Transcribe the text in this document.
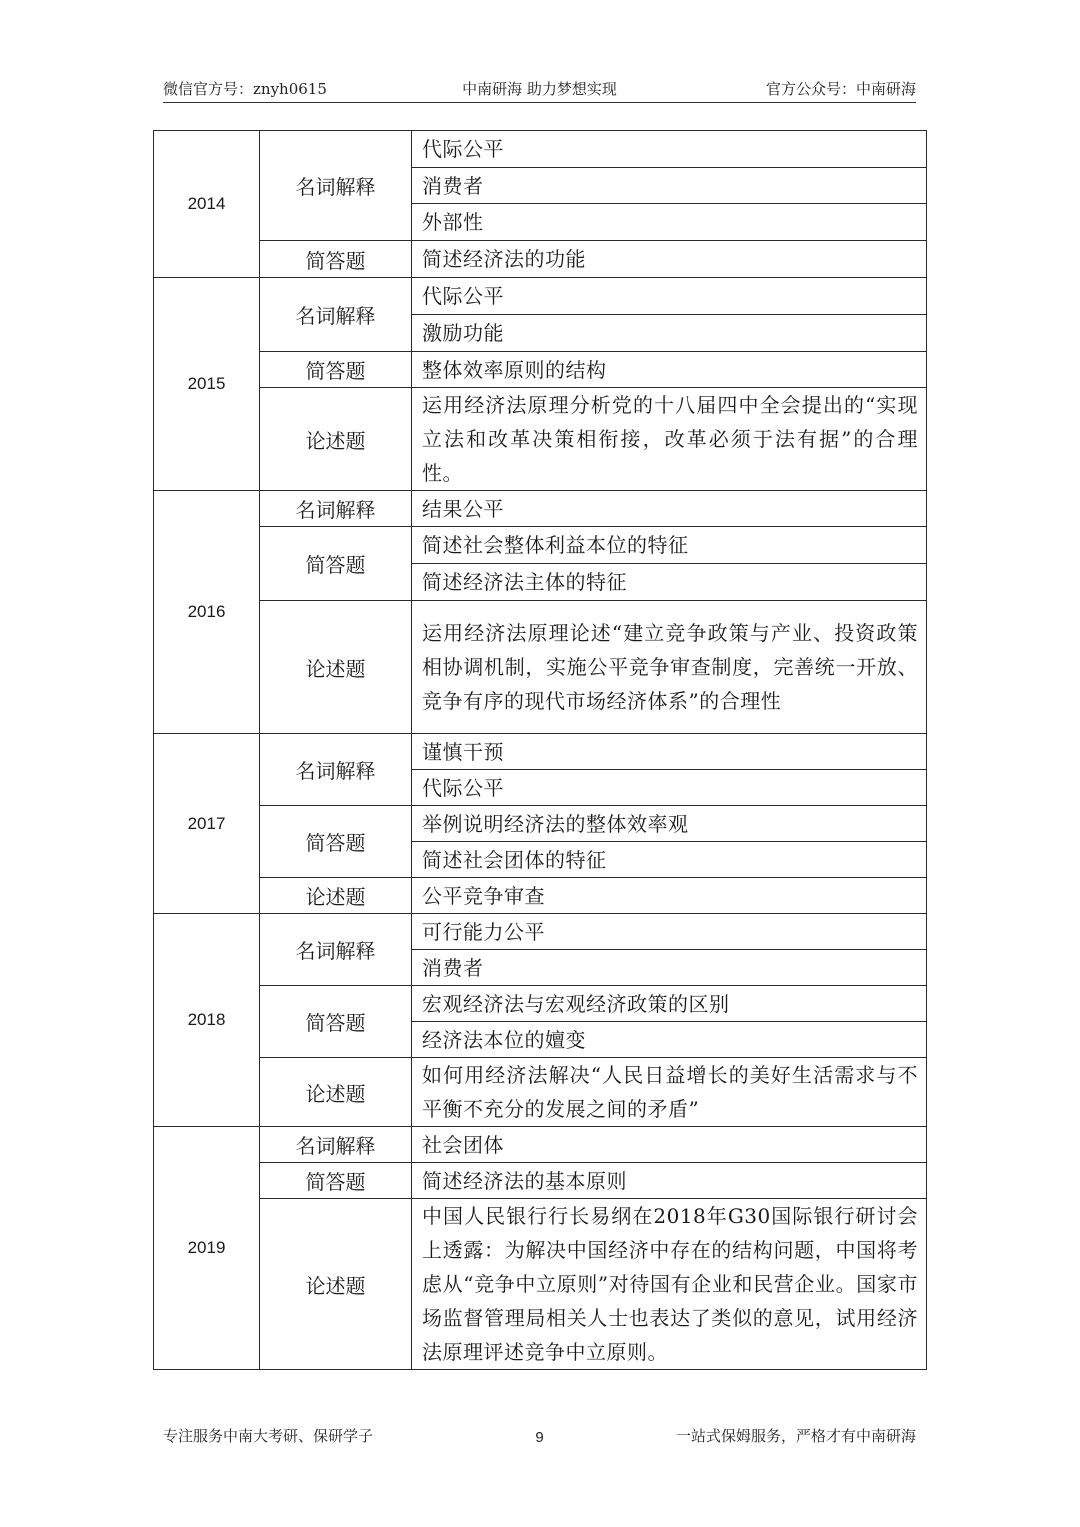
微信官方号：znyh0615	中南研海 助力梦想实现	官方公众号：中南研海
2014	名词解释	代际公平
		消费者
		外部性
	简答题	简述经济法的功能
2015	名词解释	代际公平
		激励功能
	简答题	整体效率原则的结构
	论述题	运用经济法原理分析党的十八届四中全会提出的“实现立法和改革决策相衔接，改革必须于法有据”的合理性。
2016	名词解释	结果公平
	简答题	简述社会整体利益本位的特征
		简述经济法主体的特征
	论述题	运用经济法原理论述“建立竞争政策与产业、投资政策相协调机制，实施公平竞争审查制度，完善统一开放、竞争有序的现代市场经济体系”的合理性
2017	名词解释	谨慎干预
		代际公平
	简答题	举例说明经济法的整体效率观
		简述社会团体的特征
	论述题	公平竞争审查
2018	名词解释	可行能力公平
		消费者
	简答题	宏观经济法与宏观经济政策的区别
		经济法本位的嬗变
	论述题	如何用经济法解决“人民日益增长的美好生活需求与不平衡不充分的发展之间的矛盾”
2019	名词解释	社会团体
	简答题	简述经济法的基本原则
	论述题	中国人民银行行长易纲在2018年G30国际银行研讨会上透露：为解决中国经济中存在的结构问题，中国将考虑从“竞争中立原则”对待国有企业和民营企业。国家市场监督管理局相关人士也表达了类似的意见，试用经济法原理评述竞争中立原则。
专注服务中南大考研、保研学子	9	一站式保姆服务，严格才有中南研海
